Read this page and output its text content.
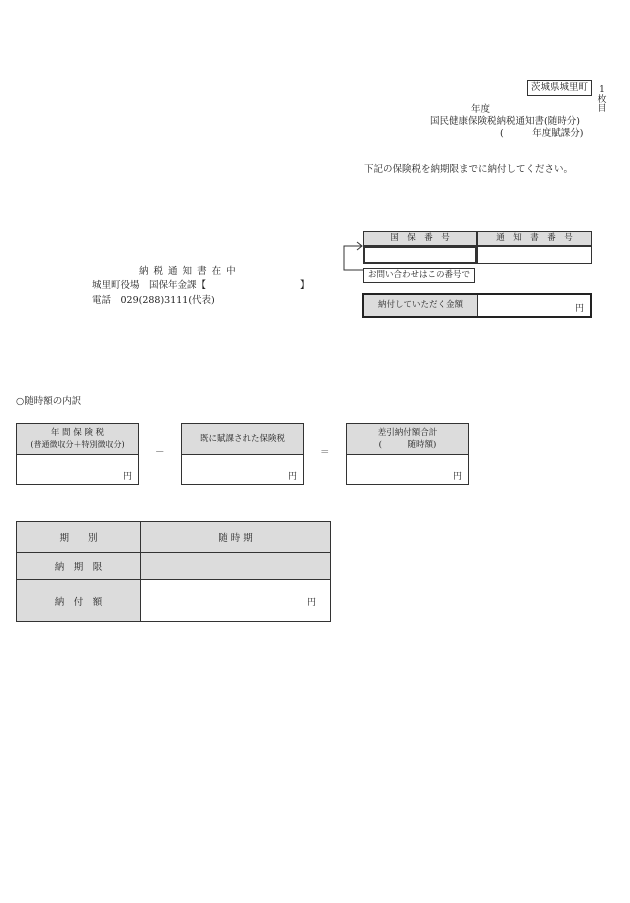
茨城県城里町	1
枚目
年度
国民健康保険税納税通知書(随時分)
(　　　年度賦課分)
下記の保険税を納期限までに納付してください。
国　保　番　号	通　知　書　番　号
お問い合わせはこの番号で
納付していただく金額	円
納 税 通 知 書 在 中
城里町役場　国保年金課【	】
電話　029(288)3111(代表)
○随時額の内訳
年 間 保 険 税
(普通徴収分＋特別徴収分)
円
－
既に賦課された保険税
円
＝
差引納付額合計
(　　　随時額)
円
期　　別	随 時 期
納　期　限	
納　付　額	円
